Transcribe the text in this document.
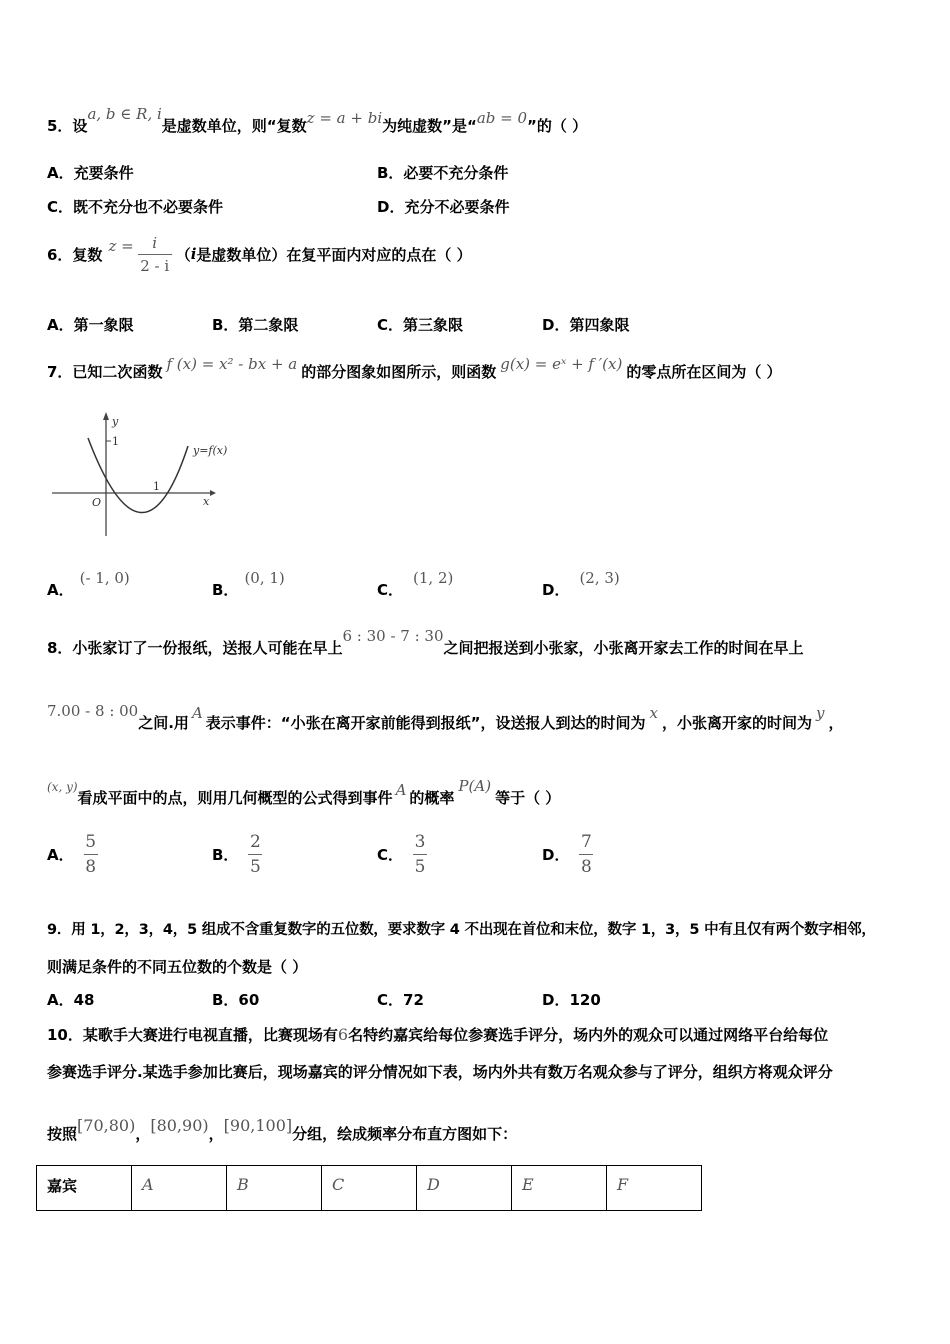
5．设a, b ∈ R, i是虚数单位，则“复数z = a + bi为纯虚数”是“ab = 0”的（ ）
A．充要条件	B．必要不充分条件
C．既不充分也不必要条件	D．充分不必要条件
6．复数 $z = \frac{i}{2 - i}$ （ i 是虚数单位）在复平面内对应的点在（ ）
A．第一象限	B．第二象限	C．第三象限	D．第四象限
7．已知二次函数 f (x) = x² - bx + a 的部分图象如图所示，则函数 g(x) = eˣ + f ′(x) 的零点所在区间为（ ）
y
1
y=f(x)
O
1
x
A．(- 1, 0)
B．(0, 1)
C．(1, 2)
D．(2, 3)
8．小张家订了一份报纸，送报人可能在早上6 : 30 - 7 : 30之间把报送到小张家，小张离开家去工作的时间在早上
7.00 - 8 : 00之间.用A表示事件：“小张在离开家前能得到报纸”，设送报人到达的时间为x，小张离开家的时间为y，
$^{(x, y)}$看成平面中的点，则用几何概型的公式得到事件 A 的概率P(A)等于（ ）
A． $\frac{5}{8}$	B． $\frac{2}{5}$	C． $\frac{3}{5}$	D． $\frac{7}{8}$
9．用 1，2，3，4，5 组成不含重复数字的五位数，要求数字 4 不出现在首位和末位，数字 1，3，5 中有且仅有两个数字相邻，
则满足条件的不同五位数的个数是（ ）
A．48	B．60	C．72	D．120
10．某歌手大赛进行电视直播，比赛现场有6名特约嘉宾给每位参赛选手评分，场内外的观众可以通过网络平台给每位
参赛选手评分.某选手参加比赛后，现场嘉宾的评分情况如下表，场内外共有数万名观众参与了评分，组织方将观众评分
按照[70,80)，[80,90)，[90,100]分组，绘成频率分布直方图如下：
嘉宾	A	B	C	D	E	F
